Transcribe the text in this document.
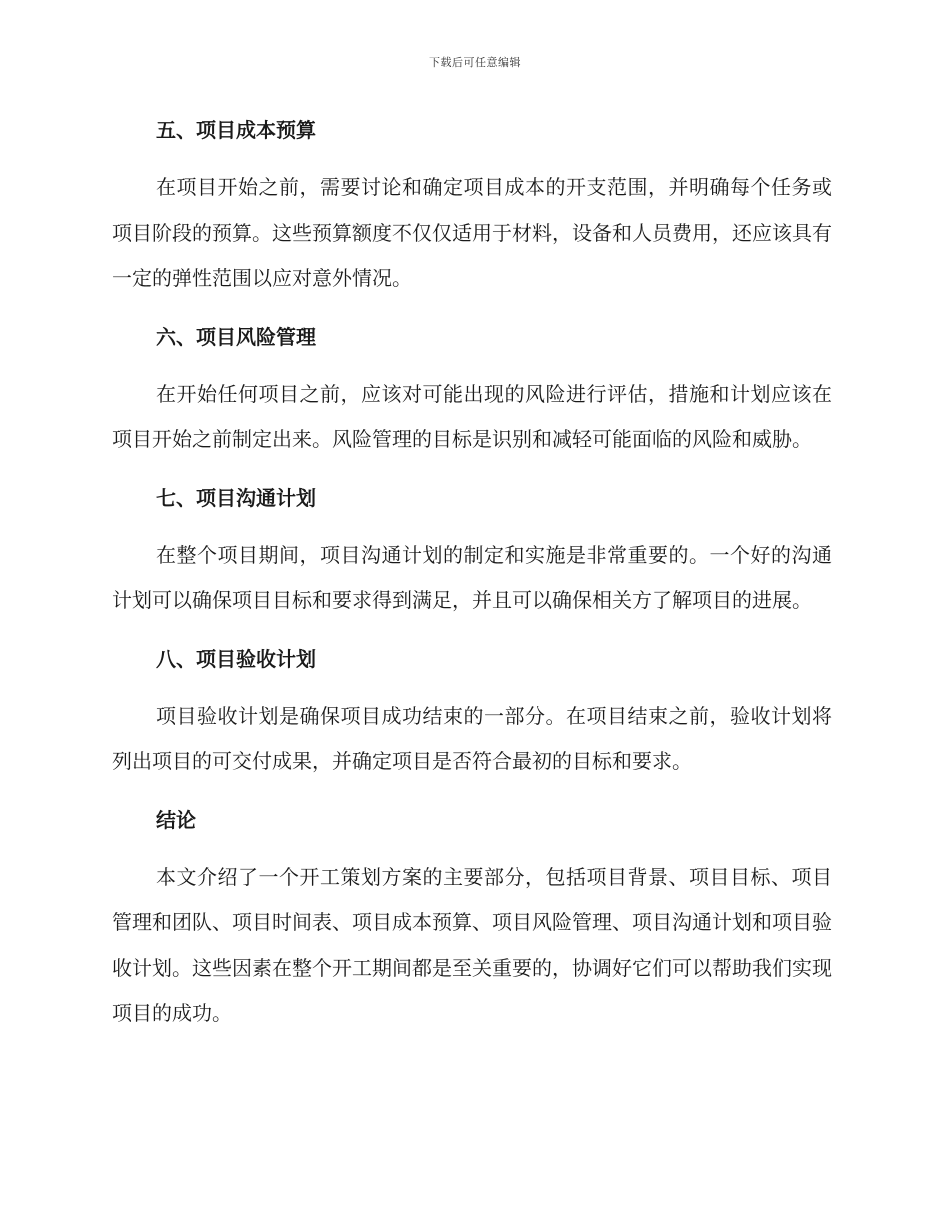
下载后可任意编辑
五、项目成本预算

在项目开始之前，需要讨论和确定项目成本的开支范围，并明确每个任务或项目阶段的预算。这些预算额度不仅仅适用于材料，设备和人员费用，还应该具有一定的弹性范围以应对意外情况。

六、项目风险管理

在开始任何项目之前，应该对可能出现的风险进行评估，措施和计划应该在项目开始之前制定出来。风险管理的目标是识别和减轻可能面临的风险和威胁。

七、项目沟通计划

在整个项目期间，项目沟通计划的制定和实施是非常重要的。一个好的沟通计划可以确保项目目标和要求得到满足，并且可以确保相关方了解项目的进展。

八、项目验收计划

项目验收计划是确保项目成功结束的一部分。在项目结束之前，验收计划将列出项目的可交付成果，并确定项目是否符合最初的目标和要求。

结论

本文介绍了一个开工策划方案的主要部分，包括项目背景、项目目标、项目管理和团队、项目时间表、项目成本预算、项目风险管理、项目沟通计划和项目验收计划。这些因素在整个开工期间都是至关重要的，协调好它们可以帮助我们实现项目的成功。
